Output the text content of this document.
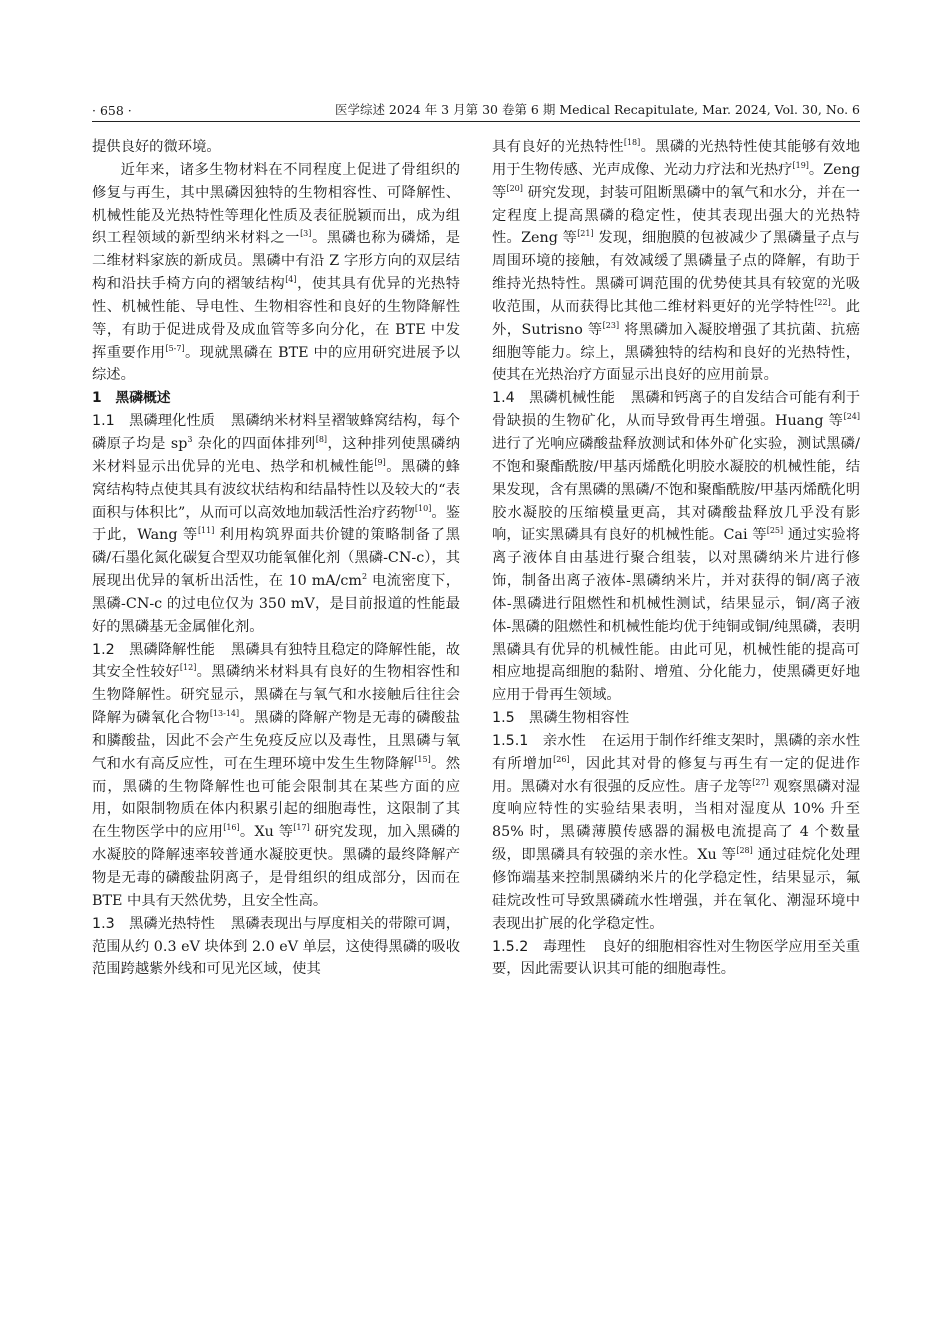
· 658 ·	医学综述 2024 年 3 月第 30 卷第 6 期 Medical Recapitulate, Mar. 2024, Vol. 30, No. 6

提供良好的微环境。

近年来，诸多生物材料在不同程度上促进了骨组织的修复与再生，其中黑磷因独特的生物相容性、可降解性、机械性能及光热特性等理化性质及表征脱颖而出，成为组织工程领域的新型纳米材料之一[3]。黑磷也称为磷烯，是二维材料家族的新成员。黑磷中有沿 Z 字形方向的双层结构和沿扶手椅方向的褶皱结构[4]，使其具有优异的光热特性、机械性能、导电性、生物相容性和良好的生物降解性等，有助于促进成骨及成血管等多向分化，在 BTE 中发挥重要作用[5-7]。现就黑磷在 BTE 中的应用研究进展予以综述。

1　黑磷概述

1.1　 黑磷理化性质 黑磷纳米材料呈褶皱蜂窝结构，每个磷原子均是 $sp^3$ 杂化的四面体排列[8]，这种排列使黑磷纳米材料显示出优异的光电、热学和机械性能[9]。黑磷的蜂窝结构特点使其具有波纹状结构和结晶特性以及较大的“表面积与体积比”，从而可以高效地加载活性治疗药物[10]。鉴于此，Wang 等[11] 利用构筑界面共价键的策略制备了黑磷/石墨化氮化碳复合型双功能氧催化剂（黑磷-CN-c），其展现出优异的氧析出活性，在 10 $mA/cm^2$ 电流密度下，黑磷-CN-c 的过电位仅为 350 mV，是目前报道的性能最好的黑磷基无金属催化剂。

1.2　 黑磷降解性能 黑磷具有独特且稳定的降解性能，故其安全性较好[12]。黑磷纳米材料具有良好的生物相容性和生物降解性。研究显示，黑磷在与氧气和水接触后往往会降解为磷氧化合物[13-14]。黑磷的降解产物是无毒的磷酸盐和膦酸盐，因此不会产生免疫反应以及毒性，且黑磷与氧气和水有高反应性，可在生理环境中发生生物降解[15]。然而，黑磷的生物降解性也可能会限制其在某些方面的应用，如限制物质在体内积累引起的细胞毒性，这限制了其在生物医学中的应用[16]。Xu 等[17] 研究发现，加入黑磷的水凝胶的降解速率较普通水凝胶更快。黑磷的最终降解产物是无毒的磷酸盐阴离子，是骨组织的组成部分，因而在 BTE 中具有天然优势，且安全性高。

1.3　 黑磷光热特性 黑磷表现出与厚度相关的带隙可调，范围从约 0.3 eV 块体到 2.0 eV 单层，这使得黑磷的吸收范围跨越紫外线和可见光区域，使其

具有良好的光热特性[18]。黑磷的光热特性使其能够有效地用于生物传感、光声成像、光动力疗法和光热疗[19]。Zeng 等[20] 研究发现，封装可阻断黑磷中的氧气和水分，并在一定程度上提高黑磷的稳定性，使其表现出强大的光热特性。Zeng 等[21] 发现，细胞膜的包被减少了黑磷量子点与周围环境的接触，有效减缓了黑磷量子点的降解，有助于维持光热特性。黑磷可调范围的优势使其具有较宽的光吸收范围，从而获得比其他二维材料更好的光学特性[22]。此外，Sutrisno 等[23] 将黑磷加入凝胶增强了其抗菌、抗癌细胞等能力。综上，黑磷独特的结构和良好的光热特性，使其在光热治疗方面显示出良好的应用前景。

1.4　 黑磷机械性能 黑磷和钙离子的自发结合可能有利于骨缺损的生物矿化，从而导致骨再生增强。Huang 等[24] 进行了光响应磷酸盐释放测试和体外矿化实验，测试黑磷/不饱和聚酯酰胺/甲基丙烯酰化明胶水凝胶的机械性能，结果发现，含有黑磷的黑磷/不饱和聚酯酰胺/甲基丙烯酰化明胶水凝胶的压缩模量更高，其对磷酸盐释放几乎没有影响，证实黑磷具有良好的机械性能。Cai 等[25] 通过实验将离子液体自由基进行聚合组装，以对黑磷纳米片进行修饰，制备出离子液体-黑磷纳米片，并对获得的铜/离子液体-黑磷进行阻燃性和机械性测试，结果显示，铜/离子液体-黑磷的阻燃性和机械性能均优于纯铜或铜/纯黑磷，表明黑磷具有优异的机械性能。由此可见，机械性能的提高可相应地提高细胞的黏附、增殖、分化能力，使黑磷更好地应用于骨再生领域。

1.5　 黑磷生物相容性

1.5.1　 亲水性 在运用于制作纤维支架时，黑磷的亲水性有所增加[26]，因此其对骨的修复与再生有一定的促进作用。黑磷对水有很强的反应性。唐子龙等[27] 观察黑磷对湿度响应特性的实验结果表明，当相对湿度从 10% 升至 85% 时，黑磷薄膜传感器的漏极电流提高了 4 个数量级，即黑磷具有较强的亲水性。Xu 等[28] 通过硅烷化处理修饰端基来控制黑磷纳米片的化学稳定性，结果显示，氟硅烷改性可导致黑磷疏水性增强，并在氧化、潮湿环境中表现出扩展的化学稳定性。

1.5.2　 毒理性 良好的细胞相容性对生物医学应用至关重要，因此需要认识其可能的细胞毒性。
